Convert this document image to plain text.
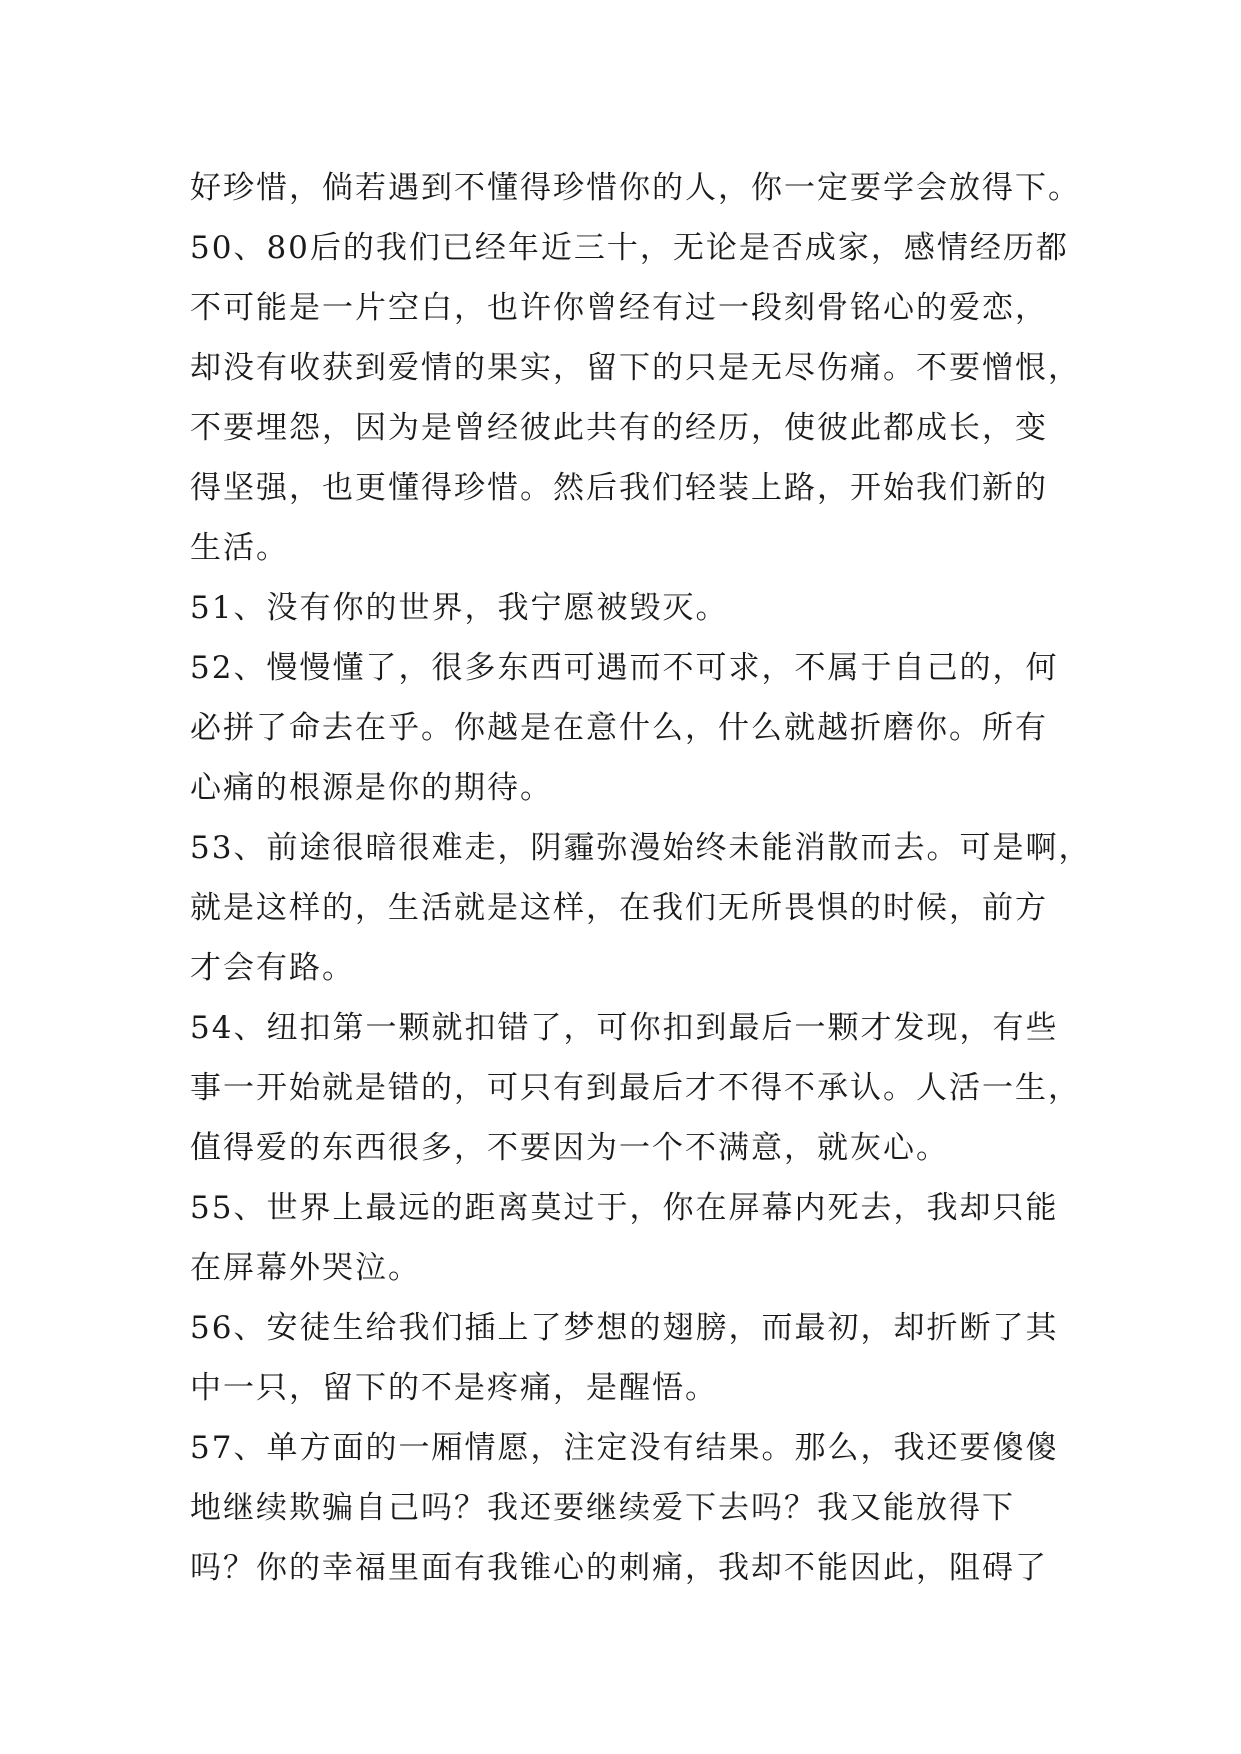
好珍惜，倘若遇到不懂得珍惜你的人，你一定要学会放得下。
50、80后的我们已经年近三十，无论是否成家，感情经历都
不可能是一片空白，也许你曾经有过一段刻骨铭心的爱恋，
却没有收获到爱情的果实，留下的只是无尽伤痛。不要憎恨，
不要埋怨，因为是曾经彼此共有的经历，使彼此都成长，变
得坚强，也更懂得珍惜。然后我们轻装上路，开始我们新的
生活。
51、没有你的世界，我宁愿被毁灭。
52、慢慢懂了，很多东西可遇而不可求，不属于自己的，何
必拼了命去在乎。你越是在意什么，什么就越折磨你。所有
心痛的根源是你的期待。
53、前途很暗很难走，阴霾弥漫始终未能消散而去。可是啊，
就是这样的，生活就是这样，在我们无所畏惧的时候，前方
才会有路。
54、纽扣第一颗就扣错了，可你扣到最后一颗才发现，有些
事一开始就是错的，可只有到最后才不得不承认。人活一生，
值得爱的东西很多，不要因为一个不满意，就灰心。
55、世界上最远的距离莫过于，你在屏幕内死去，我却只能
在屏幕外哭泣。
56、安徒生给我们插上了梦想的翅膀，而最初，却折断了其
中一只，留下的不是疼痛，是醒悟。
57、单方面的一厢情愿，注定没有结果。那么，我还要傻傻
地继续欺骗自己吗？我还要继续爱下去吗？我又能放得下
吗？你的幸福里面有我锥心的刺痛，我却不能因此，阻碍了
